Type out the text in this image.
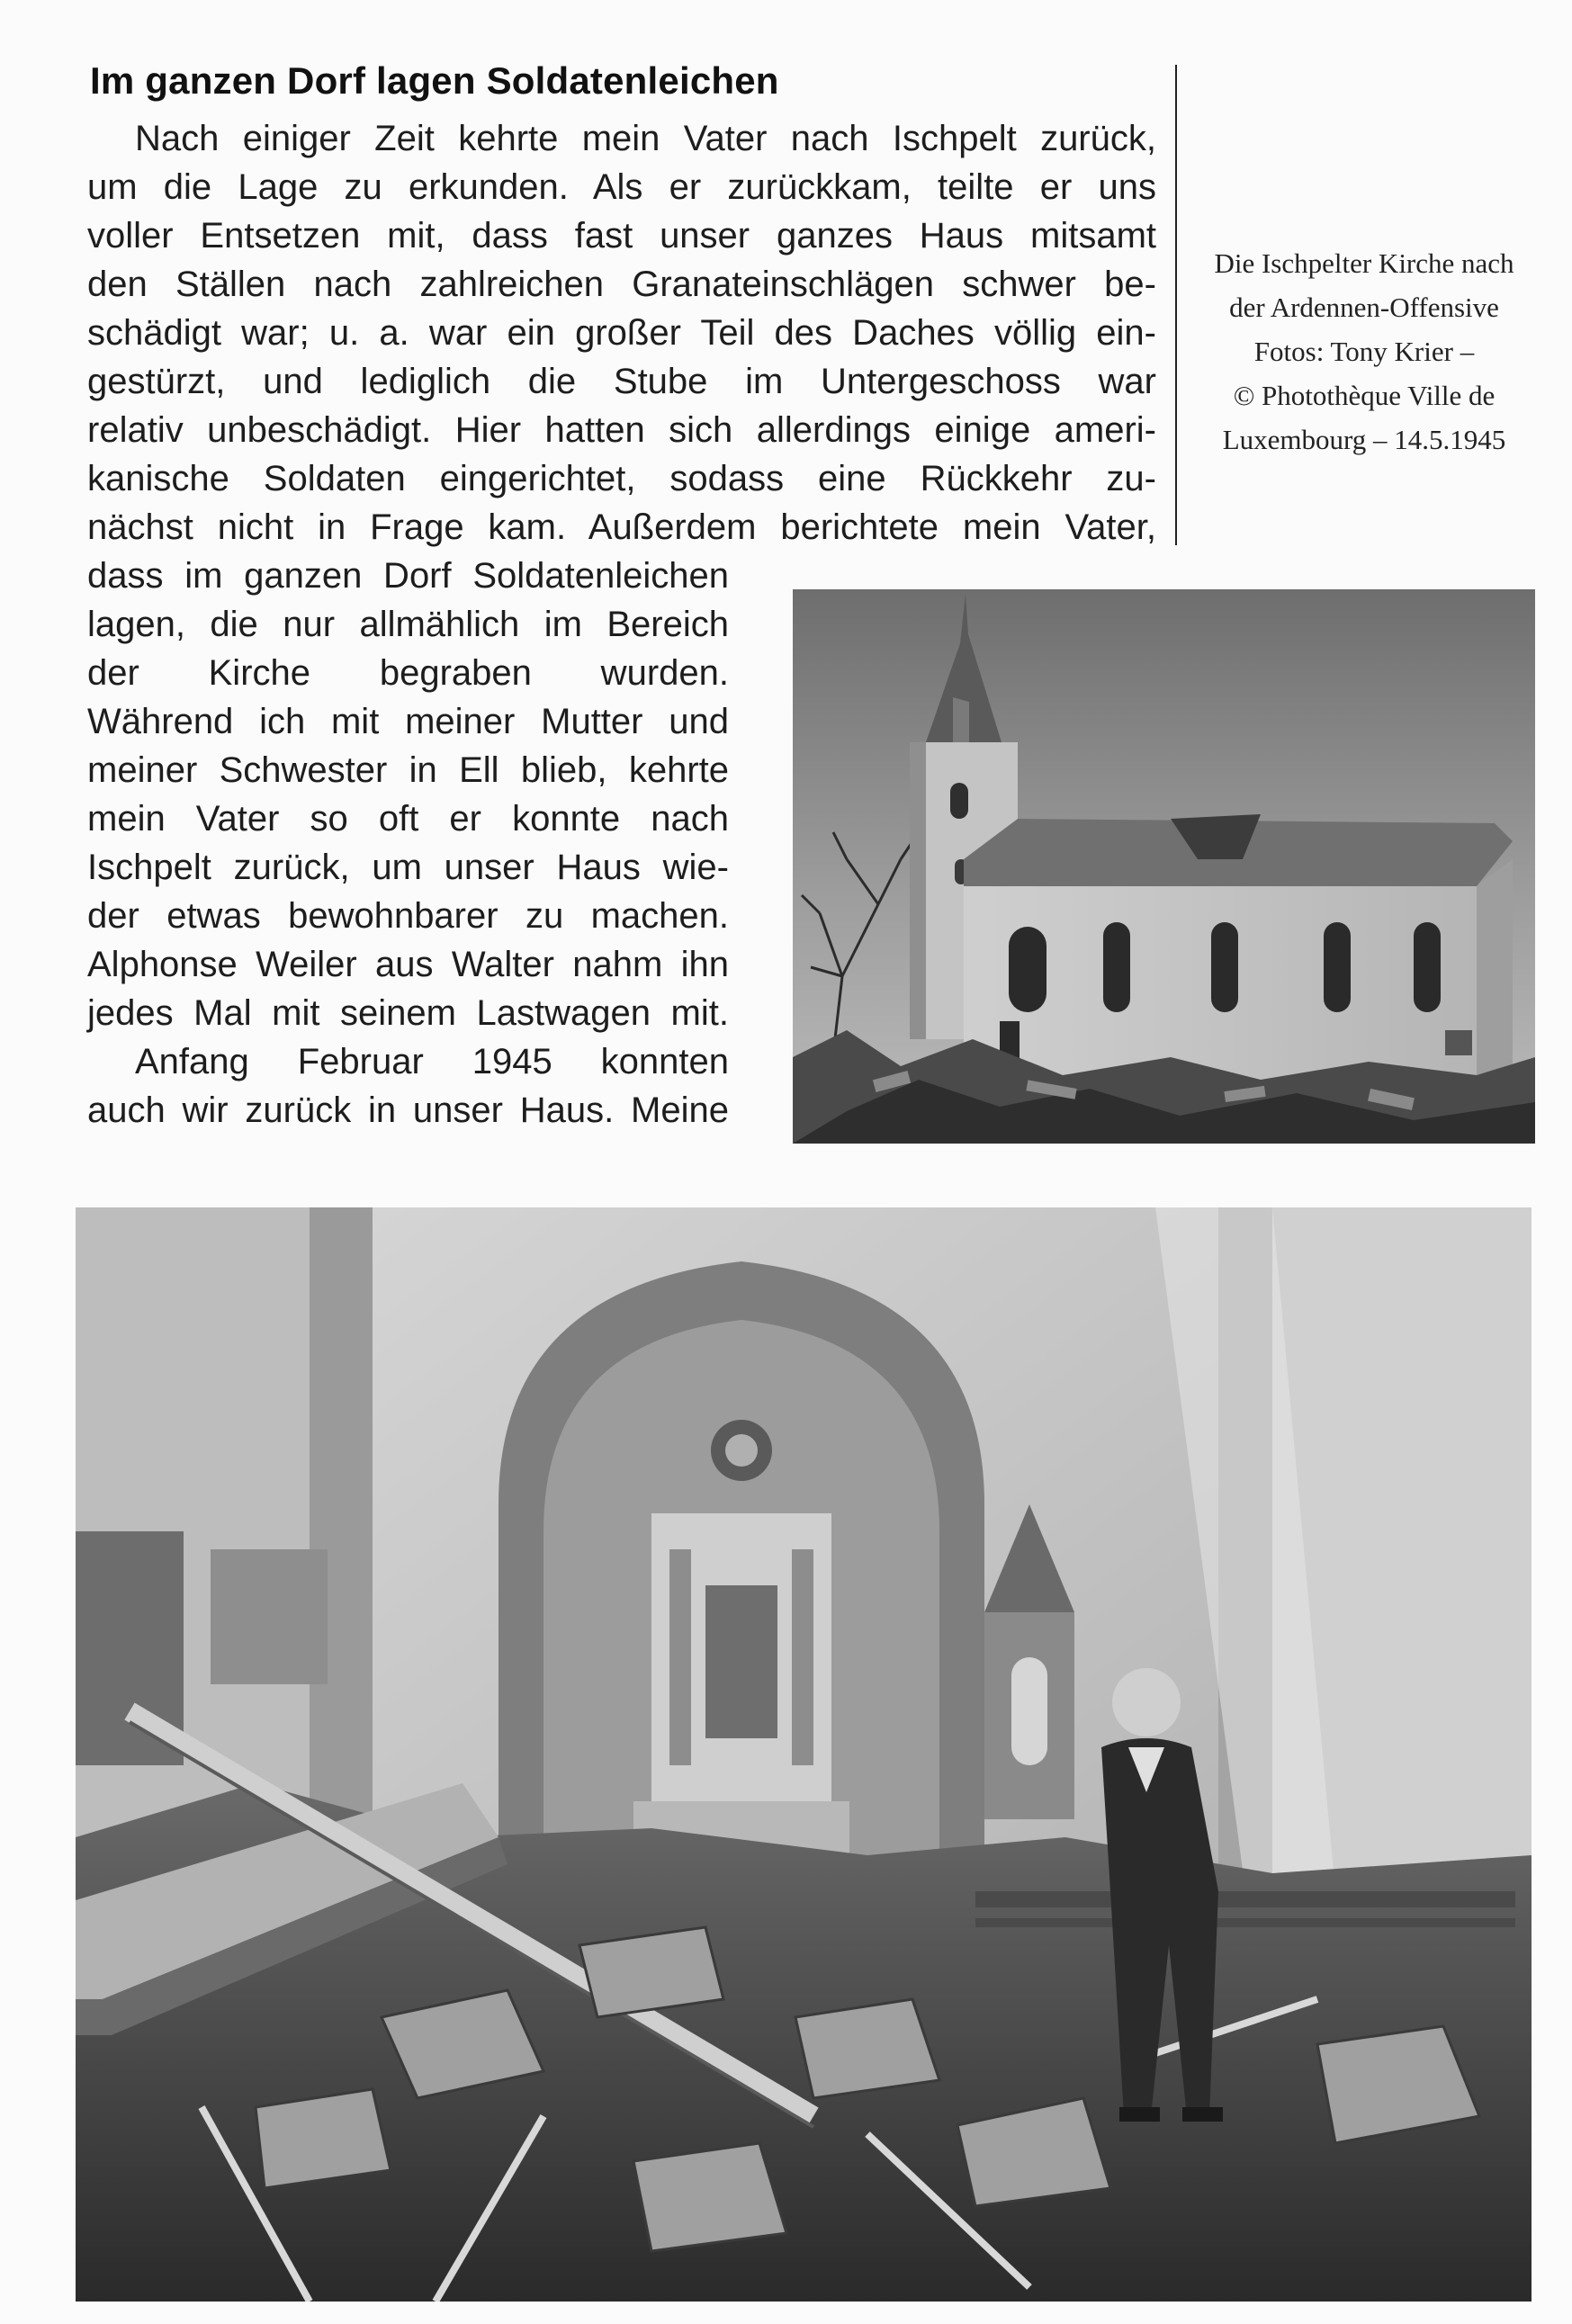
Im ganzen Dorf lagen Soldatenleichen
Nach einiger Zeit kehrte mein Vater nach Ischpelt zurück,
um die Lage zu erkunden. Als er zurückkam, teilte er uns
voller Entsetzen mit, dass fast unser ganzes Haus mitsamt
den Ställen nach zahlreichen Granateinschlägen schwer be-
schädigt war; u. a. war ein großer Teil des Daches völlig ein-
gestürzt, und lediglich die Stube im Untergeschoss war
relativ unbeschädigt. Hier hatten sich allerdings einige ameri-
kanische Soldaten eingerichtet, sodass eine Rückkehr zu-
nächst nicht in Frage kam. Außerdem berichtete mein Vater,
dass im ganzen Dorf Soldatenleichen
lagen, die nur allmählich im Bereich
der Kirche begraben wurden.
Während ich mit meiner Mutter und
meiner Schwester in Ell blieb, kehrte
mein Vater so oft er konnte nach
Ischpelt zurück, um unser Haus wie-
der etwas bewohnbarer zu machen.
Alphonse Weiler aus Walter nahm ihn
jedes Mal mit seinem Lastwagen mit.
Anfang Februar 1945 konnten
auch wir zurück in unser Haus. Meine
Die Ischpelter Kirche nach
der Ardennen-Offensive
Fotos: Tony Krier –
© Photothèque Ville de
Luxembourg – 14.5.1945
